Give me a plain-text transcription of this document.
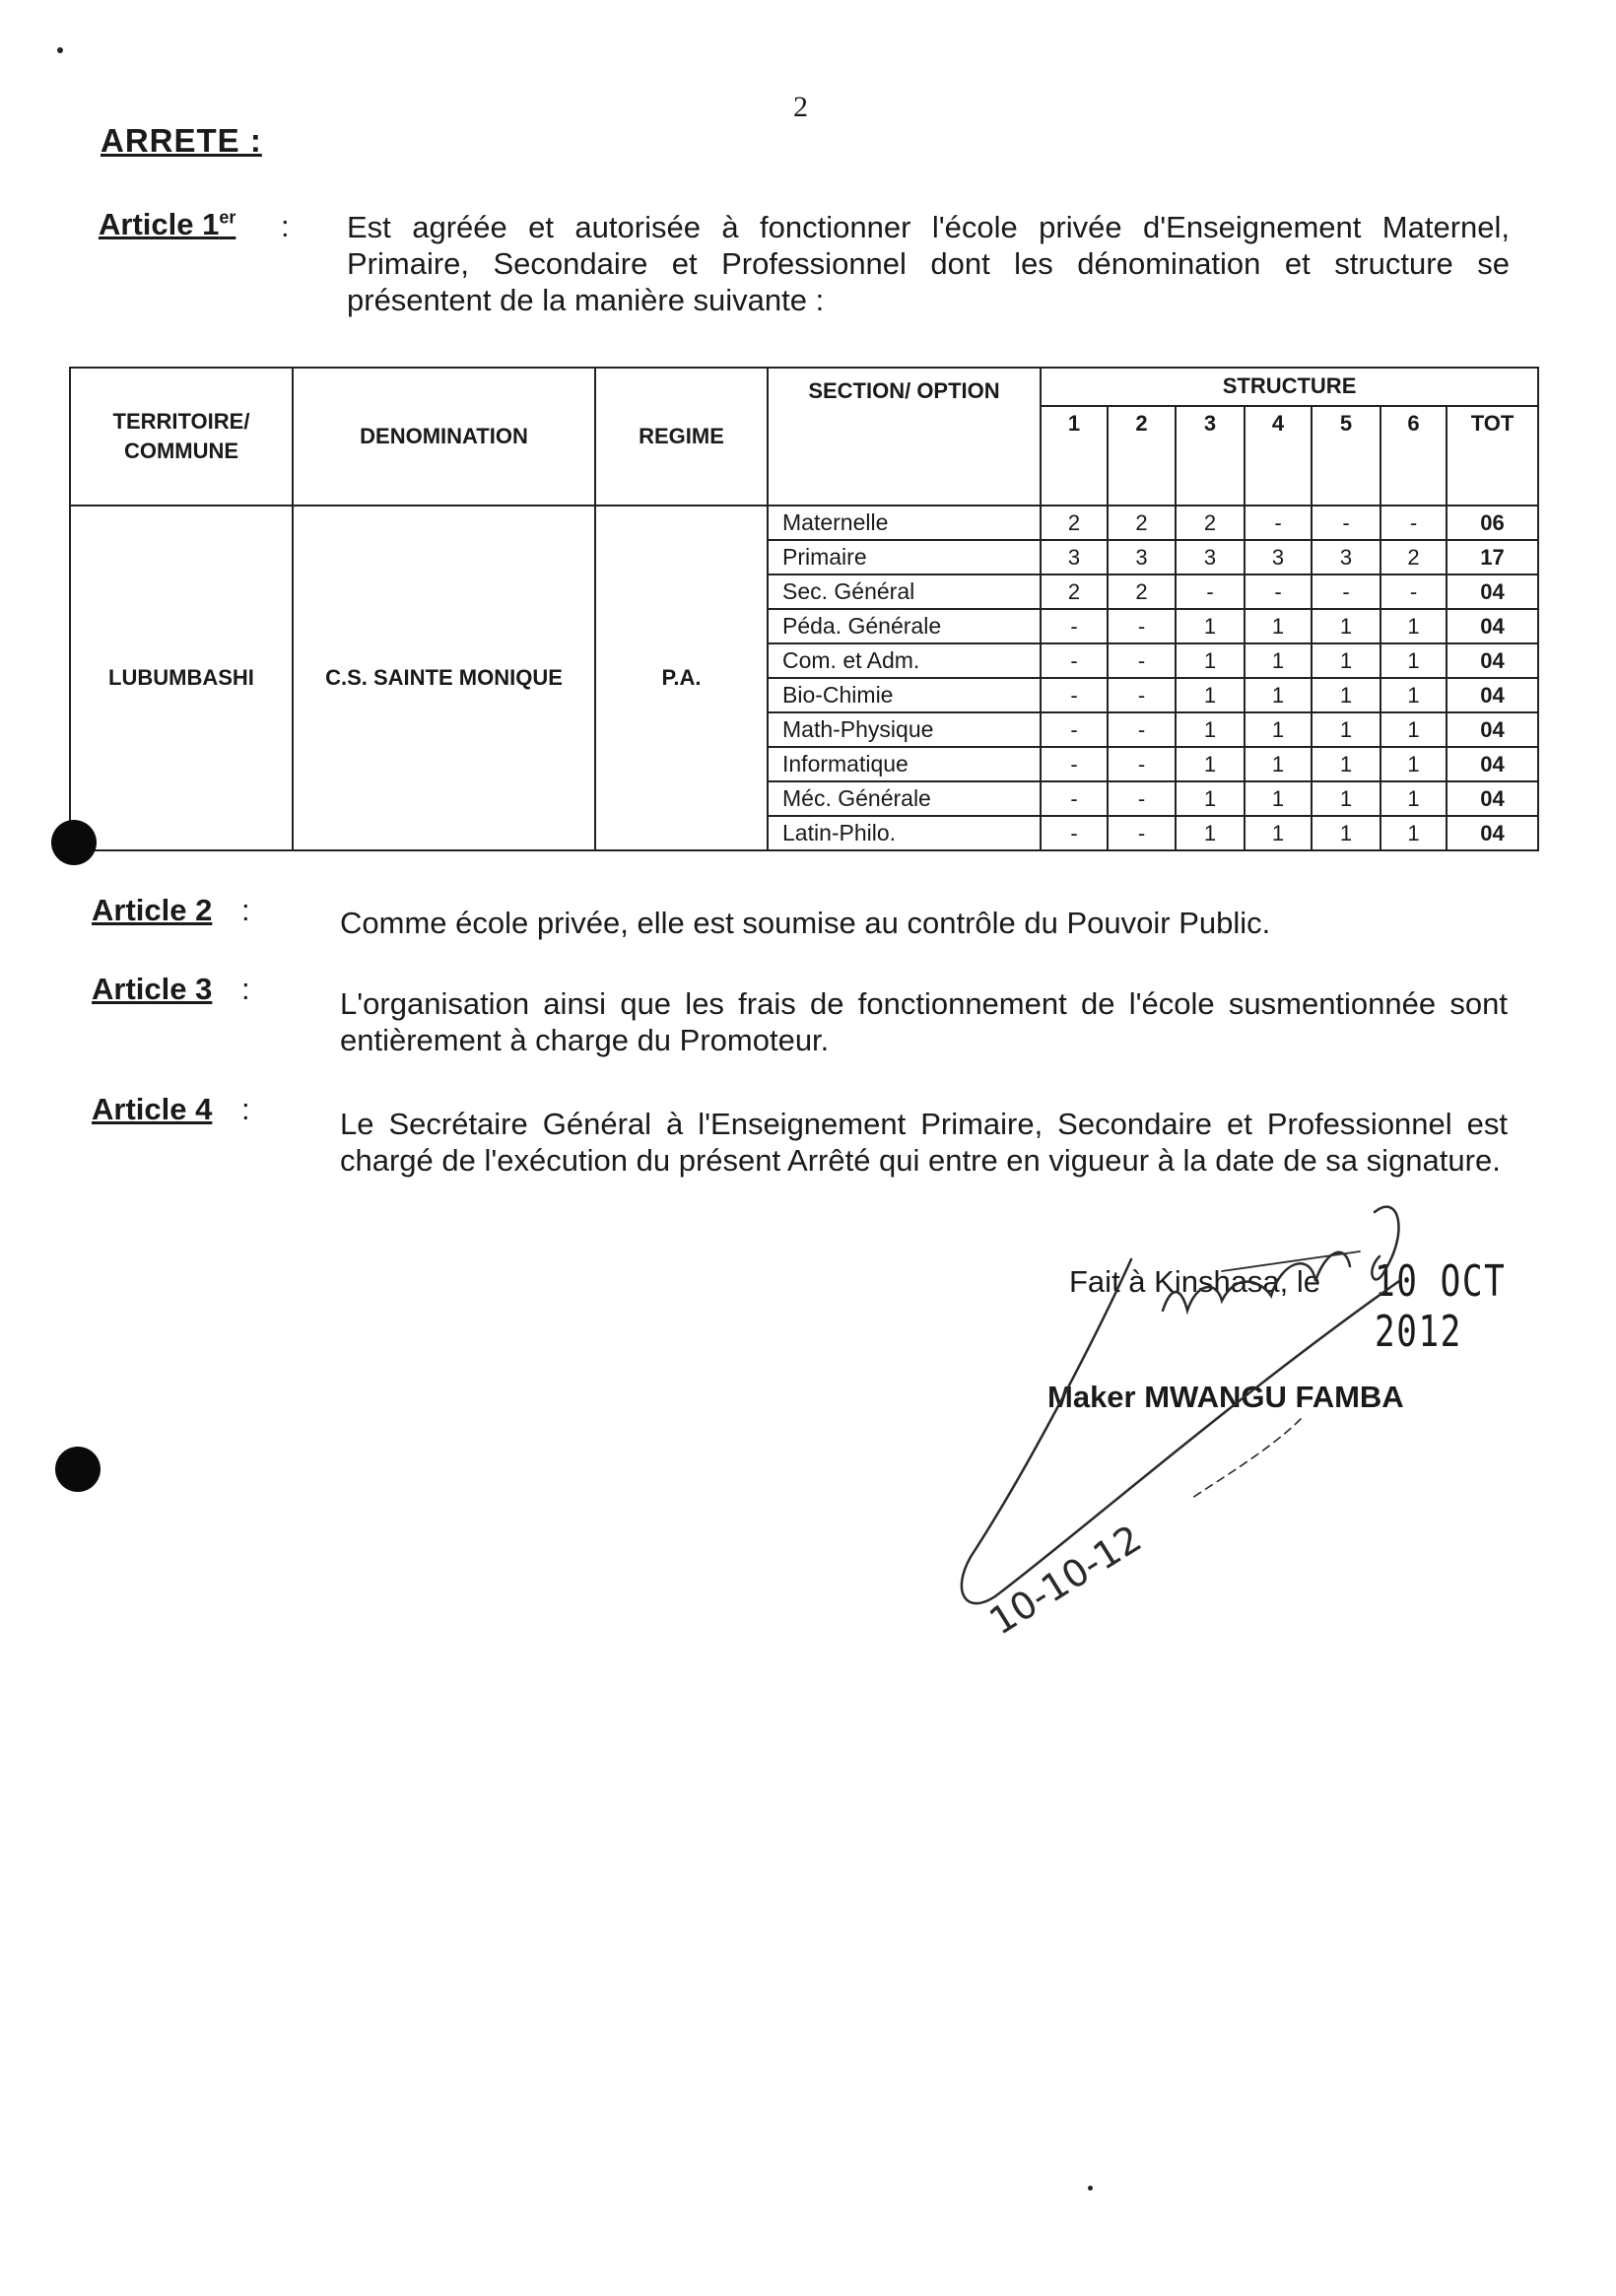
2
ARRETE :
Article 1er : Est agréée et autorisée à fonctionner l'école privée d'Enseignement Maternel, Primaire, Secondaire et Professionnel dont les dénomination et structure se présentent de la manière suivante :
TERRITOIRE/ COMMUNE	DENOMINATION	REGIME	SECTION/ OPTION	STRUCTURE						
				1	2	3	4	5	6	TOT
LUBUMBASHI	C.S. SAINTE MONIQUE	P.A.	Maternelle	2	2	2	-	-	-	06
			Primaire	3	3	3	3	3	2	17
			Sec. Général	2	2	-	-	-	-	04
			Péda. Générale	-	-	1	1	1	1	04
			Com. et Adm.	-	-	1	1	1	1	04
			Bio-Chimie	-	-	1	1	1	1	04
			Math-Physique	-	-	1	1	1	1	04
			Informatique	-	-	1	1	1	1	04
			Méc. Générale	-	-	1	1	1	1	04
			Latin-Philo.	-	-	1	1	1	1	04
Article 2 :	Comme école privée, elle est soumise au contrôle du Pouvoir Public.
Article 3 :	L'organisation ainsi que les frais de fonctionnement de l'école susmentionnée sont entièrement à charge du Promoteur.
Article 4 :	Le Secrétaire Général à l'Enseignement Primaire, Secondaire et Professionnel est chargé de l'exécution du présent Arrêté qui entre en vigueur à la date de sa signature.
Fait à Kinshasa, le 10 OCT 2012
Maker MWANGU FAMBA
10-10-12
